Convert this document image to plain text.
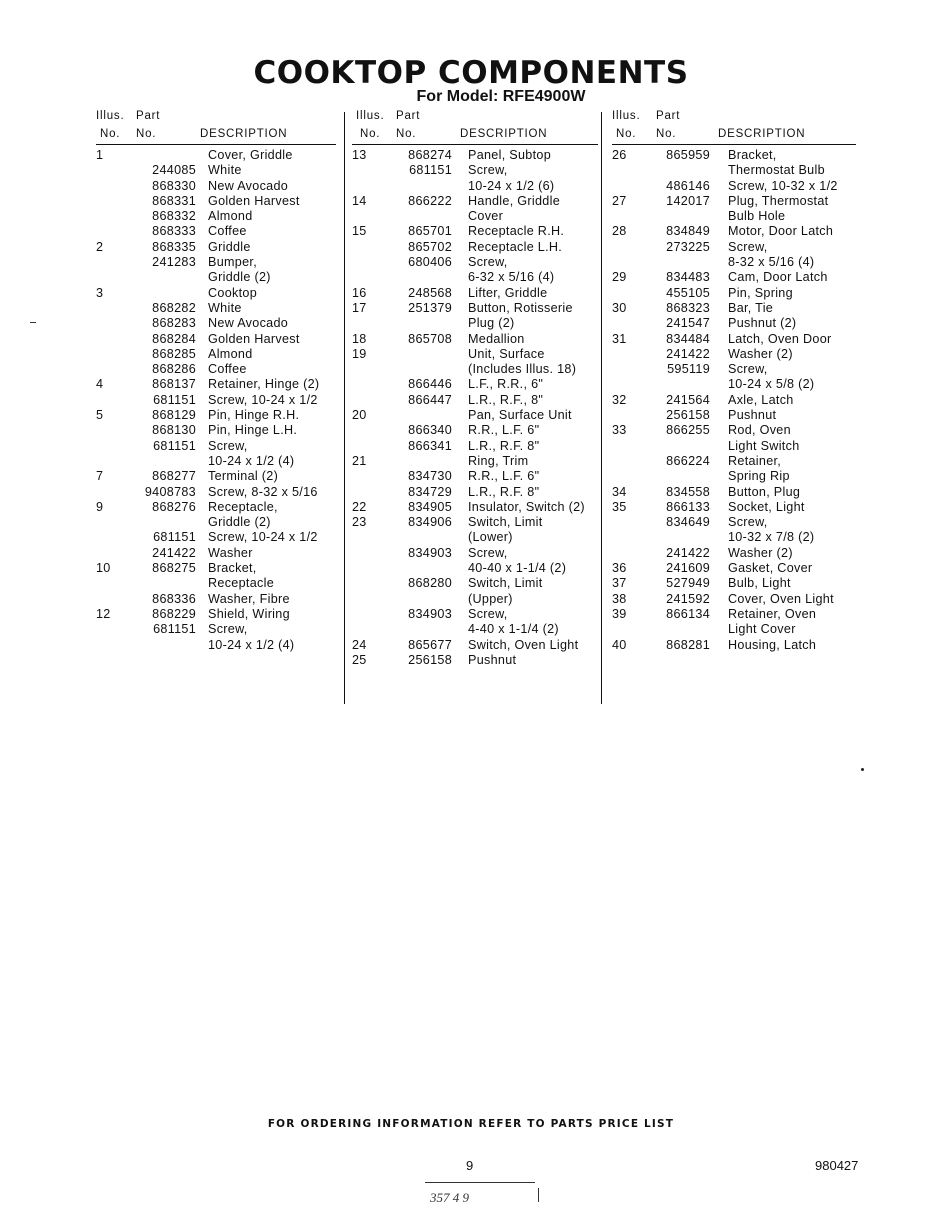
COOKTOP COMPONENTS
For Model: RFE4900W
Illus. Part
No. No.	DESCRIPTION
1	Cover, Griddle
244085 White
868330 New Avocado
868331 Golden Harvest
868332 Almond
868333 Coffee
2	868335 Griddle
241283 Bumper,
Griddle (2)
3	Cooktop
868282 White
868283 New Avocado
868284 Golden Harvest
868285 Almond
868286 Coffee
4	868137 Retainer, Hinge (2)
681151 Screw, 10-24 x 1/2
5	868129 Pin, Hinge R.H.
868130 Pin, Hinge L.H.
681151 Screw,
10-24 x 1/2 (4)
7	868277 Terminal (2)
9408783 Screw, 8-32 x 5/16
9	868276 Receptacle,
Griddle (2)
681151 Screw, 10-24 x 1/2
241422 Washer
10	868275 Bracket,
Receptacle
868336 Washer, Fibre
12	868229 Shield, Wiring
681151 Screw,
10-24 x 1/2 (4)
Illus. Part
No. No.	DESCRIPTION
13	868274 Panel, Subtop
681151 Screw,
10-24 x 1/2 (6)
14	866222 Handle, Griddle
Cover
15	865701 Receptacle R.H.
865702 Receptacle L.H.
680406 Screw,
6-32 x 5/16 (4)
16	248568 Lifter, Griddle
17	251379 Button, Rotisserie
Plug (2)
18	865708 Medallion
19	Unit, Surface
(Includes Illus. 18)
866446 L.F., R.R., 6"
866447 L.R., R.F., 8"
20	Pan, Surface Unit
866340 R.R., L.F. 6"
866341 L.R., R.F. 8"
21	Ring, Trim
834730 R.R., L.F. 6"
834729 L.R., R.F. 8"
22	834905 Insulator, Switch (2)
23	834906 Switch, Limit
(Lower)
834903 Screw,
40-40 x 1-1/4 (2)
868280 Switch, Limit
(Upper)
834903 Screw,
4-40 x 1-1/4 (2)
24	865677 Switch, Oven Light
25	256158 Pushnut
Illus. Part
No. No.	DESCRIPTION
26	865959 Bracket,
Thermostat Bulb
486146 Screw, 10-32 x 1/2
27	142017 Plug, Thermostat
Bulb Hole
28	834849 Motor, Door Latch
273225 Screw,
8-32 x 5/16 (4)
29	834483 Cam, Door Latch
455105 Pin, Spring
30	868323 Bar, Tie
241547 Pushnut (2)
31	834484 Latch, Oven Door
241422 Washer (2)
595119 Screw,
10-24 x 5/8 (2)
32	241564 Axle, Latch
256158 Pushnut
33	866255 Rod, Oven
Light Switch
866224 Retainer,
Spring Rip
34	834558 Button, Plug
35	866133 Socket, Light
834649 Screw,
10-32 x 7/8 (2)
241422 Washer (2)
36	241609 Gasket, Cover
37	527949 Bulb, Light
38	241592 Cover, Oven Light
39	866134 Retainer, Oven
Light Cover
40	868281 Housing, Latch
FOR ORDERING INFORMATION REFER TO PARTS PRICE LIST
9	980427
357 4 9
